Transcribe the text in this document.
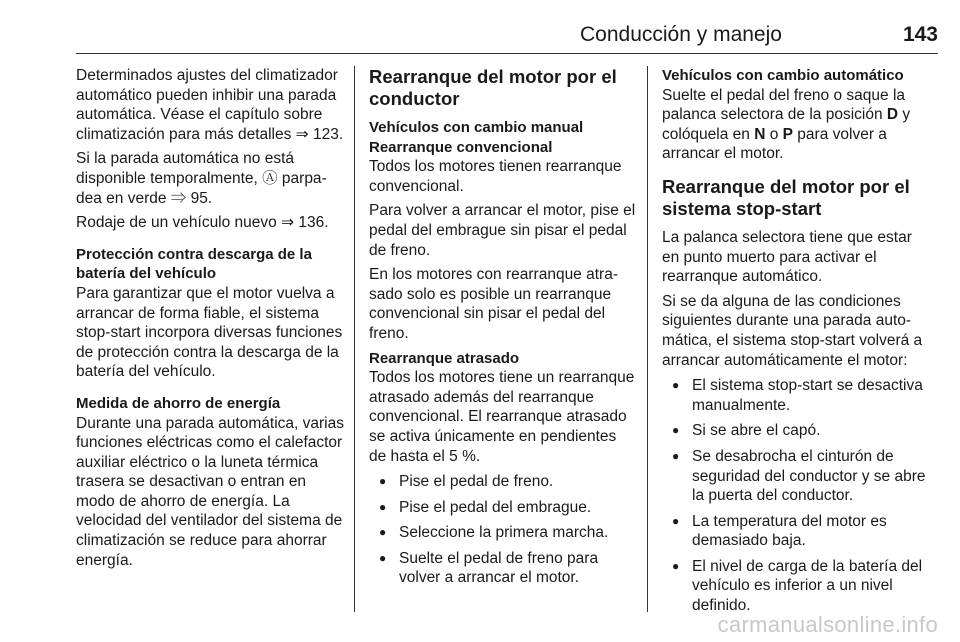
Conducción y manejo	143

Determinados ajustes del climatizador automático pueden inhibir una parada automática. Véase el capítulo sobre climatización para más detalles ⇒ 123.

Si la parada automática no está disponible temporalmente, Ⓐ parpadea en verde ⇒ 95.

Rodaje de un vehículo nuevo ⇒ 136.

Protección contra descarga de la batería del vehículo

Para garantizar que el motor vuelva a arrancar de forma fiable, el sistema stop-start incorpora diversas funciones de protección contra la descarga de la batería del vehículo.

Medida de ahorro de energía

Durante una parada automática, varias funciones eléctricas como el calefactor auxiliar eléctrico o la luneta térmica trasera se desactivan o entran en modo de ahorro de energía. La velocidad del ventilador del sistema de climatización se reduce para ahorrar energía.

Rearranque del motor por el conductor
Vehículos con cambio manual
Rearranque convencional

Todos los motores tienen rearranque convencional.

Para volver a arrancar el motor, pise el pedal del embrague sin pisar el pedal de freno.

En los motores con rearranque atrasado solo es posible un rearranque convencional sin pisar el pedal del freno.

Rearranque atrasado

Todos los motores tiene un rearranque atrasado además del rearranque convencional. El rearranque atrasado se activa únicamente en pendientes de hasta el 5 %.

● Pise el pedal de freno.
● Pise el pedal del embrague.
● Seleccione la primera marcha.
● Suelte el pedal de freno para volver a arrancar el motor.
Vehículos con cambio automático

Suelte el pedal del freno o saque la palanca selectora de la posición D y colóquela en N o P para volver a arrancar el motor.

Rearranque del motor por el sistema stop-start

La palanca selectora tiene que estar en punto muerto para activar el rearranque automático.

Si se da alguna de las condiciones siguientes durante una parada automática, el sistema stop-start volverá a arrancar automáticamente el motor:

● El sistema stop-start se desactiva manualmente.
● Si se abre el capó.
● Se desabrocha el cinturón de seguridad del conductor y se abre la puerta del conductor.
● La temperatura del motor es demasiado baja.
● El nivel de carga de la batería del vehículo es inferior a un nivel definido.
carmanualsonline.info
